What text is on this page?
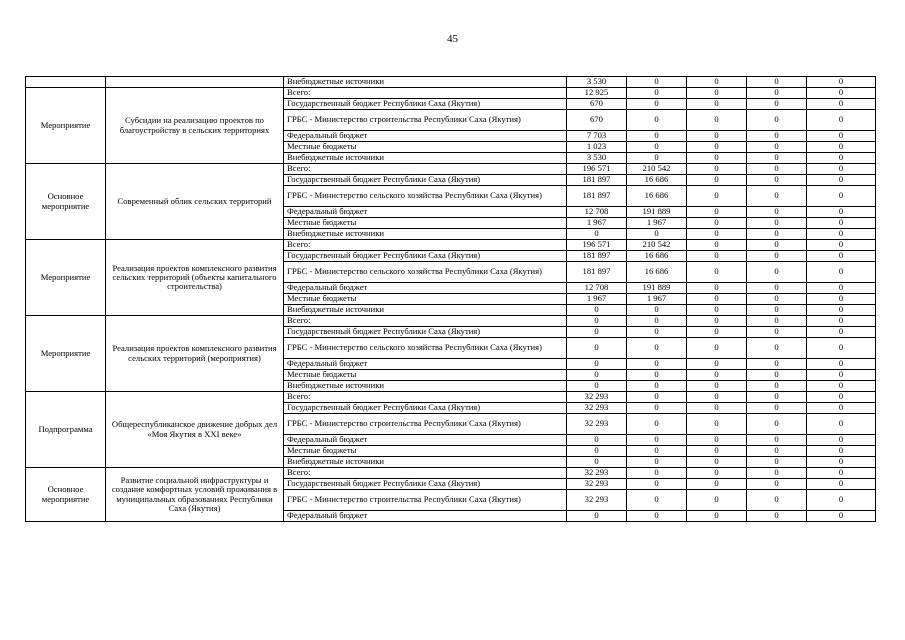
45
		Внебюджетные источники	3 530	0	0	0	0
Мероприятие	Субсидии на реализацию проектов по благоустройству в сельских территориях	Всего:	12 925	0	0	0	0
		Государственный бюджет Республики Саха (Якутия)	670	0	0	0	0
		ГРБС - Министерство строительства Республики Саха (Якутия)	670	0	0	0	0
		Федеральный бюджет	7 703	0	0	0	0
		Местные бюджеты	1 023	0	0	0	0
		Внебюджетные источники	3 530	0	0	0	0
Основное мероприятие	Современный облик сельских территорий	Всего:	196 571	210 542	0	0	0
		Государственный бюджет Республики Саха (Якутия)	181 897	16 686	0	0	0
		ГРБС - Министерство сельского хозяйства Республики Саха (Якутия)	181 897	16 686	0	0	0
		Федеральный бюджет	12 708	191 889	0	0	0
		Местные бюджеты	1 967	1 967	0	0	0
		Внебюджетные источники	0	0	0	0	0
Мероприятие	Реализация проектов комплексного развития сельских территорий (объекты капитального строительства)	Всего:	196 571	210 542	0	0	0
		Государственный бюджет Республики Саха (Якутия)	181 897	16 686	0	0	0
		ГРБС - Министерство сельского хозяйства Республики Саха (Якутия)	181 897	16 686	0	0	0
		Федеральный бюджет	12 708	191 889	0	0	0
		Местные бюджеты	1 967	1 967	0	0	0
		Внебюджетные источники	0	0	0	0	0
Мероприятие	Реализация проектов комплексного развития сельских территорий (мероприятия)	Всего:	0	0	0	0	0
		Государственный бюджет Республики Саха (Якутия)	0	0	0	0	0
		ГРБС - Министерство сельского хозяйства Республики Саха (Якутия)	0	0	0	0	0
		Федеральный бюджет	0	0	0	0	0
		Местные бюджеты	0	0	0	0	0
		Внебюджетные источники	0	0	0	0	0
Подпрограмма	Общереспубликанское движение добрых дел «Моя Якутия в XXI веке»	Всего:	32 293	0	0	0	0
		Государственный бюджет Республики Саха (Якутия)	32 293	0	0	0	0
		ГРБС - Министерство строительства Республики Саха (Якутия)	32 293	0	0	0	0
		Федеральный бюджет	0	0	0	0	0
		Местные бюджеты	0	0	0	0	0
		Внебюджетные источники	0	0	0	0	0
Основное мероприятие	Развитие социальной инфраструктуры и создание комфортных условий проживания в муниципальных образованиях Республики Саха (Якутия)	Всего:	32 293	0	0	0	0
		Государственный бюджет Республики Саха (Якутия)	32 293	0	0	0	0
		ГРБС - Министерство строительства Республики Саха (Якутия)	32 293	0	0	0	0
		Федеральный бюджет	0	0	0	0	0
